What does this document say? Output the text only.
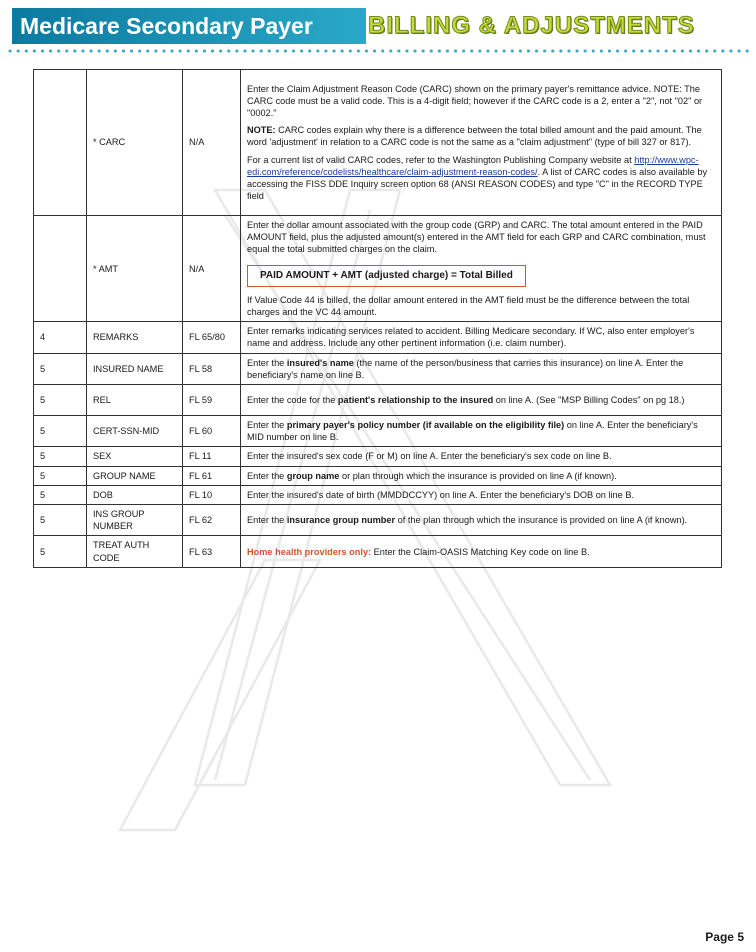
Medicare Secondary Payer	BILLING & ADJUSTMENTS
	* CARC	N/A	Enter the Claim Adjustment Reason Code (CARC) shown on the primary payer's remittance advice. NOTE: The CARC code must be a valid code. This is a 4-digit field; however if the CARC code is a 2, enter a "2", not "02" or "0002."

NOTE: CARC codes explain why there is a difference between the total billed amount and the paid amount. The word 'adjustment' in relation to a CARC code is not the same as a "claim adjustment" (type of bill 327 or 817).

For a current list of valid CARC codes, refer to the Washington Publishing Company website at http://www.wpc-edi.com/reference/codelists/healthcare/claim-adjustment-reason-codes/. A list of CARC codes is also available by accessing the FISS DDE Inquiry screen option 68 (ANSI REASON CODES) and type "C" in the RECORD TYPE field

	* AMT	N/A	Enter the dollar amount associated with the group code (GRP) and CARC. The total amount entered in the PAID AMOUNT field, plus the adjusted amount(s) entered in the AMT field for each GRP and CARC combination, must equal the total submitted charges on the claim.

PAID AMOUNT + AMT (adjusted charge) = Total Billed

If Value Code 44 is billed, the dollar amount entered in the AMT field must be the difference between the total charges and the VC 44 amount.

4	REMARKS	FL 65/80	Enter remarks indicating services related to accident. Billing Medicare secondary. If WC, also enter employer's name and address. Include any other pertinent information (i.e. claim number).
5	INSURED NAME	FL 58	Enter the insured's name (the name of the person/business that carries this insurance) on line A. Enter the beneficiary's name on line B.
5	REL	FL 59	Enter the code for the patient's relationship to the insured on line A. (See "MSP Billing Codes" on pg 18.)
5	CERT-SSN-MID	FL 60	Enter the primary payer's policy number (if available on the eligibility file) on line A. Enter the beneficiary's MID number on line B.
5	SEX	FL 11	Enter the insured's sex code (F or M) on line A. Enter the beneficiary's sex code on line B.
5	GROUP NAME	FL 61	Enter the group name or plan through which the insurance is provided on line A (if known).
5	DOB	FL 10	Enter the insured's date of birth (MMDDCCYY) on line A. Enter the beneficiary's DOB on line B.
5	INS GROUP NUMBER	FL 62	Enter the insurance group number of the plan through which the insurance is provided on line A (if known).
5	TREAT AUTH CODE	FL 63	Home health providers only: Enter the Claim-OASIS Matching Key code on line B.
Page 5
